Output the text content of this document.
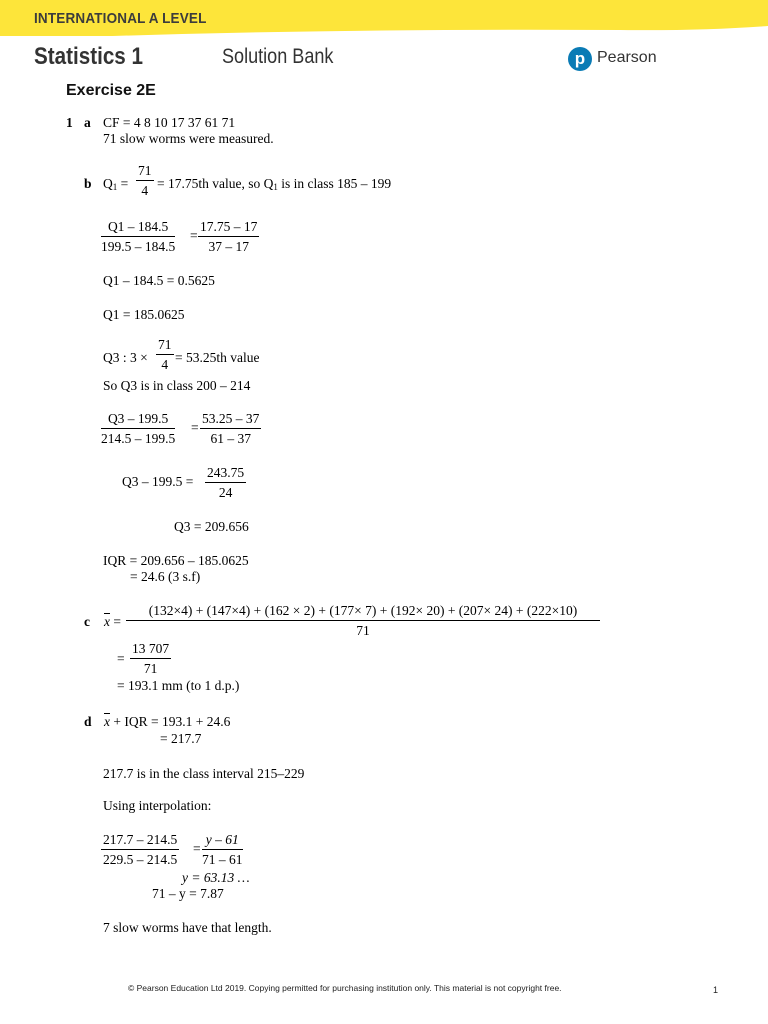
INTERNATIONAL A LEVEL
Statistics 1	Solution Bank	p Pearson
Exercise 2E
1 a CF = 4 8 10 17 37 61 71
71 slow worms were measured.
b $Q_1 = \frac{71}{4} = 17.75th$ value, so $Q_1$ is in class 185 – 199
$\frac{Q1 - 184.5}{199.5 - 184.5} = \frac{17.75 - 17}{37 - 17}$
Q1 – 184.5 = 0.5625
Q1 = 185.0625
Q3 : $3 \times \frac{71}{4} = 53.25th$ value
So Q3 is in class 200 – 214
$\frac{Q3 - 199.5}{214.5 - 199.5} = \frac{53.25 - 37}{61 - 37}$
$Q3 - 199.5 = \frac{243.75}{24}$
Q3 = 209.656
IQR = 209.656 – 185.0625
= 24.6 (3 s.f)
c $\overline{x}$ =
(132×4) + (147×4) + (162 × 2) + (177× 7) + (192× 20) + (207× 24) + (222×10)
71
= $\frac{13 707}{71}$
= 193.1 mm (to 1 d.p.)
d $\overline{x}$ + IQR = 193.1 + 24.6
= 217.7
217.7 is in the class interval 215–229
Using interpolation:
$\frac{217.7 - 214.5}{229.5 - 214.5} = \frac{y - 61}{71 - 61}$
y = 63.13 …
71 – y = 7.87
7 slow worms have that length.
© Pearson Education Ltd 2019. Copying permitted for purchasing institution only. This material is not copyright free.	1
